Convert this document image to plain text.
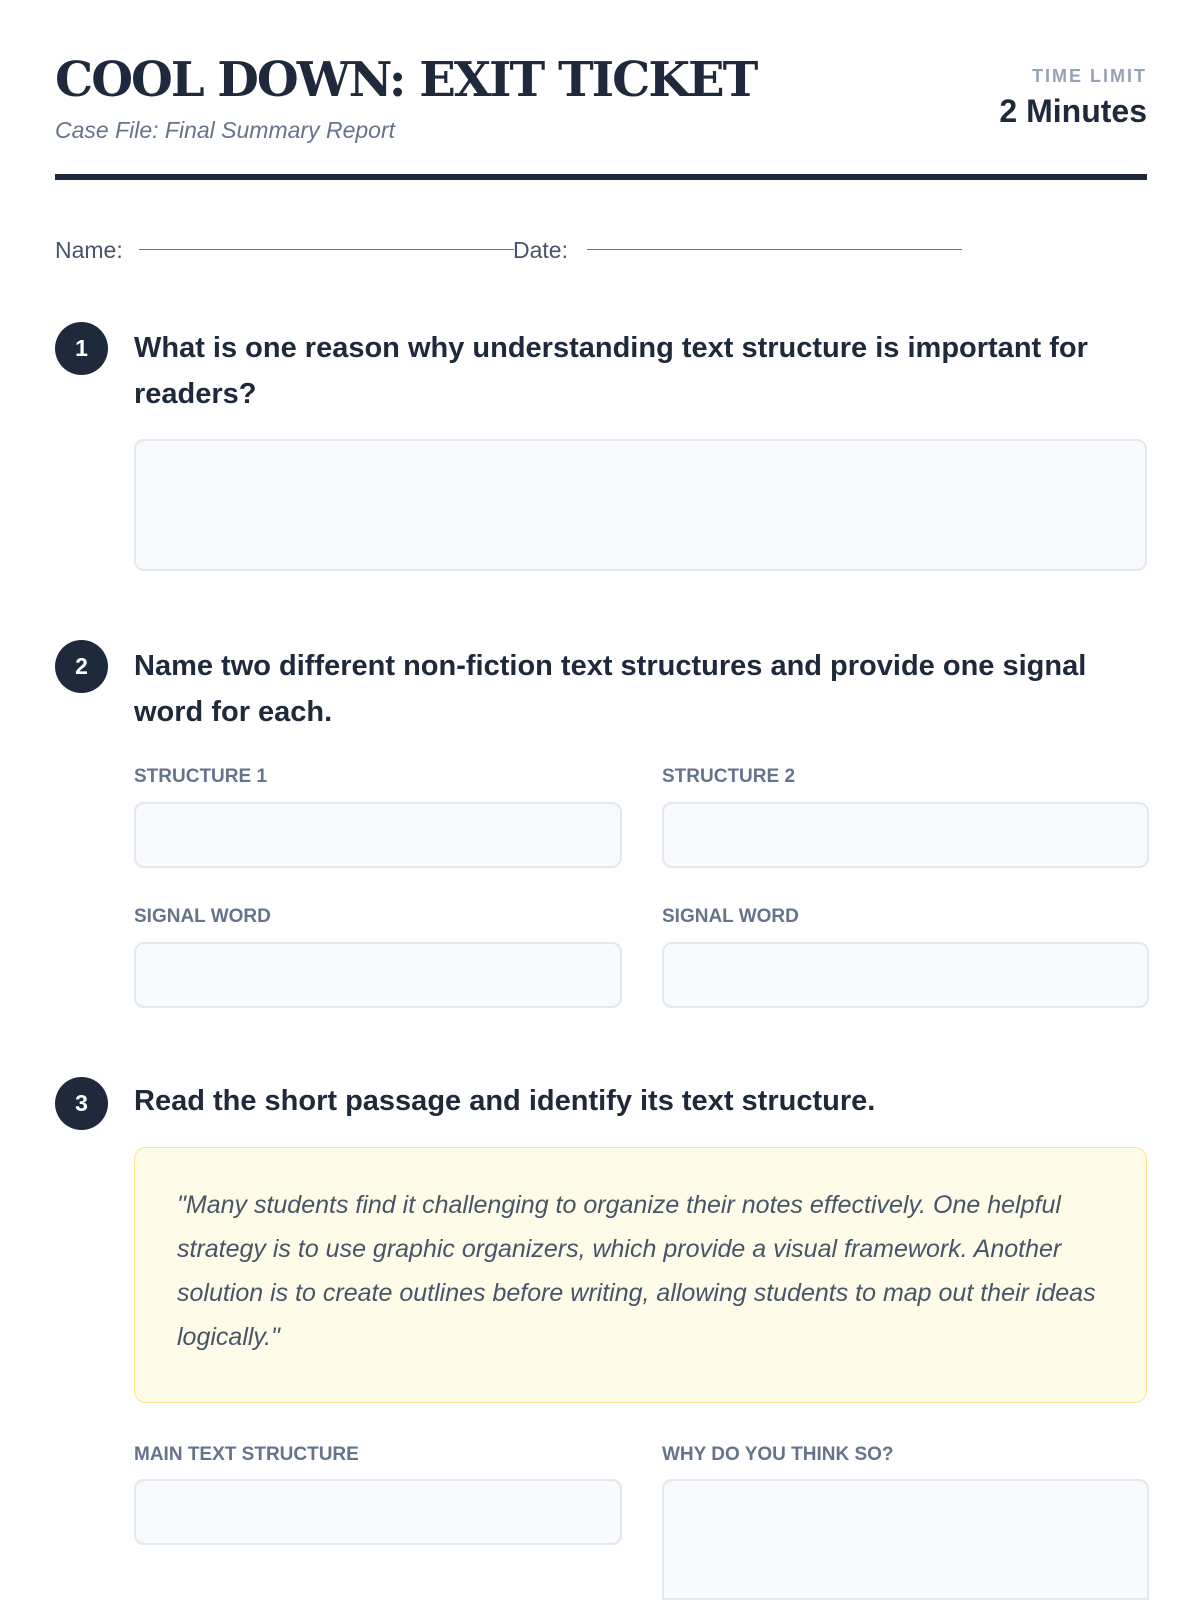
COOL DOWN: EXIT TICKET
Case File: Final Summary Report
TIME LIMIT
2 Minutes
Name:	Date:
1	What is one reason why understanding text structure is important for readers?
2	Name two different non-fiction text structures and provide one signal word for each.
STRUCTURE 1	STRUCTURE 2
SIGNAL WORD	SIGNAL WORD
3	Read the short passage and identify its text structure.
"Many students find it challenging to organize their notes effectively. One helpful strategy is to use graphic organizers, which provide a visual framework. Another solution is to create outlines before writing, allowing students to map out their ideas logically."
MAIN TEXT STRUCTURE	WHY DO YOU THINK SO?
